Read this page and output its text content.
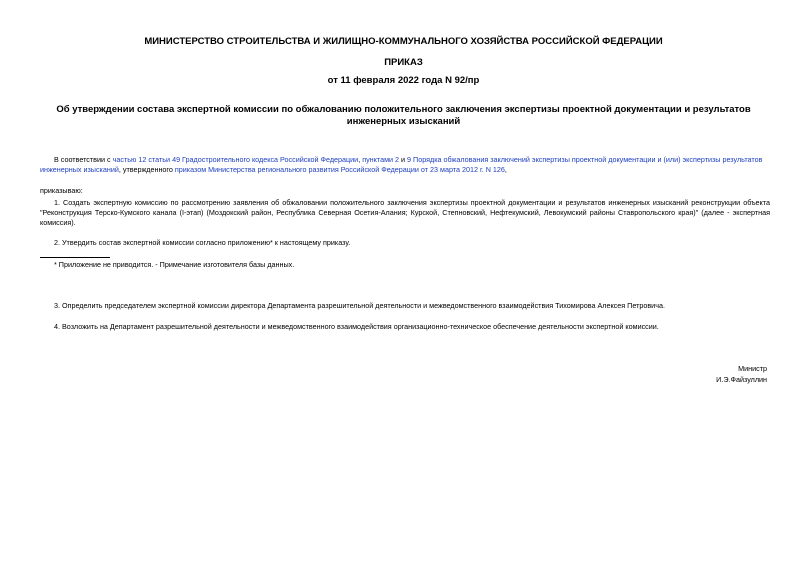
МИНИСТЕРСТВО СТРОИТЕЛЬСТВА И ЖИЛИЩНО-КОММУНАЛЬНОГО ХОЗЯЙСТВА РОССИЙСКОЙ ФЕДЕРАЦИИ
ПРИКАЗ
от 11 февраля 2022 года N 92/пр
Об утверждении состава экспертной комиссии по обжалованию положительного заключения экспертизы проектной документации и результатов инженерных изысканий
В соответствии с частью 12 статьи 49 Градостроительного кодекса Российской Федерации, пунктами 2 и 9 Порядка обжалования заключений экспертизы проектной документации и (или) экспертизы результатов инженерных изысканий, утвержденного приказом Министерства регионального развития Российской Федерации от 23 марта 2012 г. N 126,
приказываю:
1. Создать экспертную комиссию по рассмотрению заявления об обжаловании положительного заключения экспертизы проектной документации и результатов инженерных изысканий реконструкции объекта "Реконструкция Терско-Кумского канала (I-этап) (Моздокский район, Республика Северная Осетия-Алания; Курской, Степновский, Нефтекумский, Левокумский районы Ставропольского края)" (далее - экспертная комиссия).
2. Утвердить состав экспертной комиссии согласно приложению* к настоящему приказу.
* Приложение не приводится. - Примечание изготовителя базы данных.
3. Определить председателем экспертной комиссии директора Департамента разрешительной деятельности и межведомственного взаимодействия Тихомирова Алексея Петровича.
4. Возложить на Департамент разрешительной деятельности и межведомственного взаимодействия организационно-техническое обеспечение деятельности экспертной комиссии.
Министр
И.Э.Файзуллин
